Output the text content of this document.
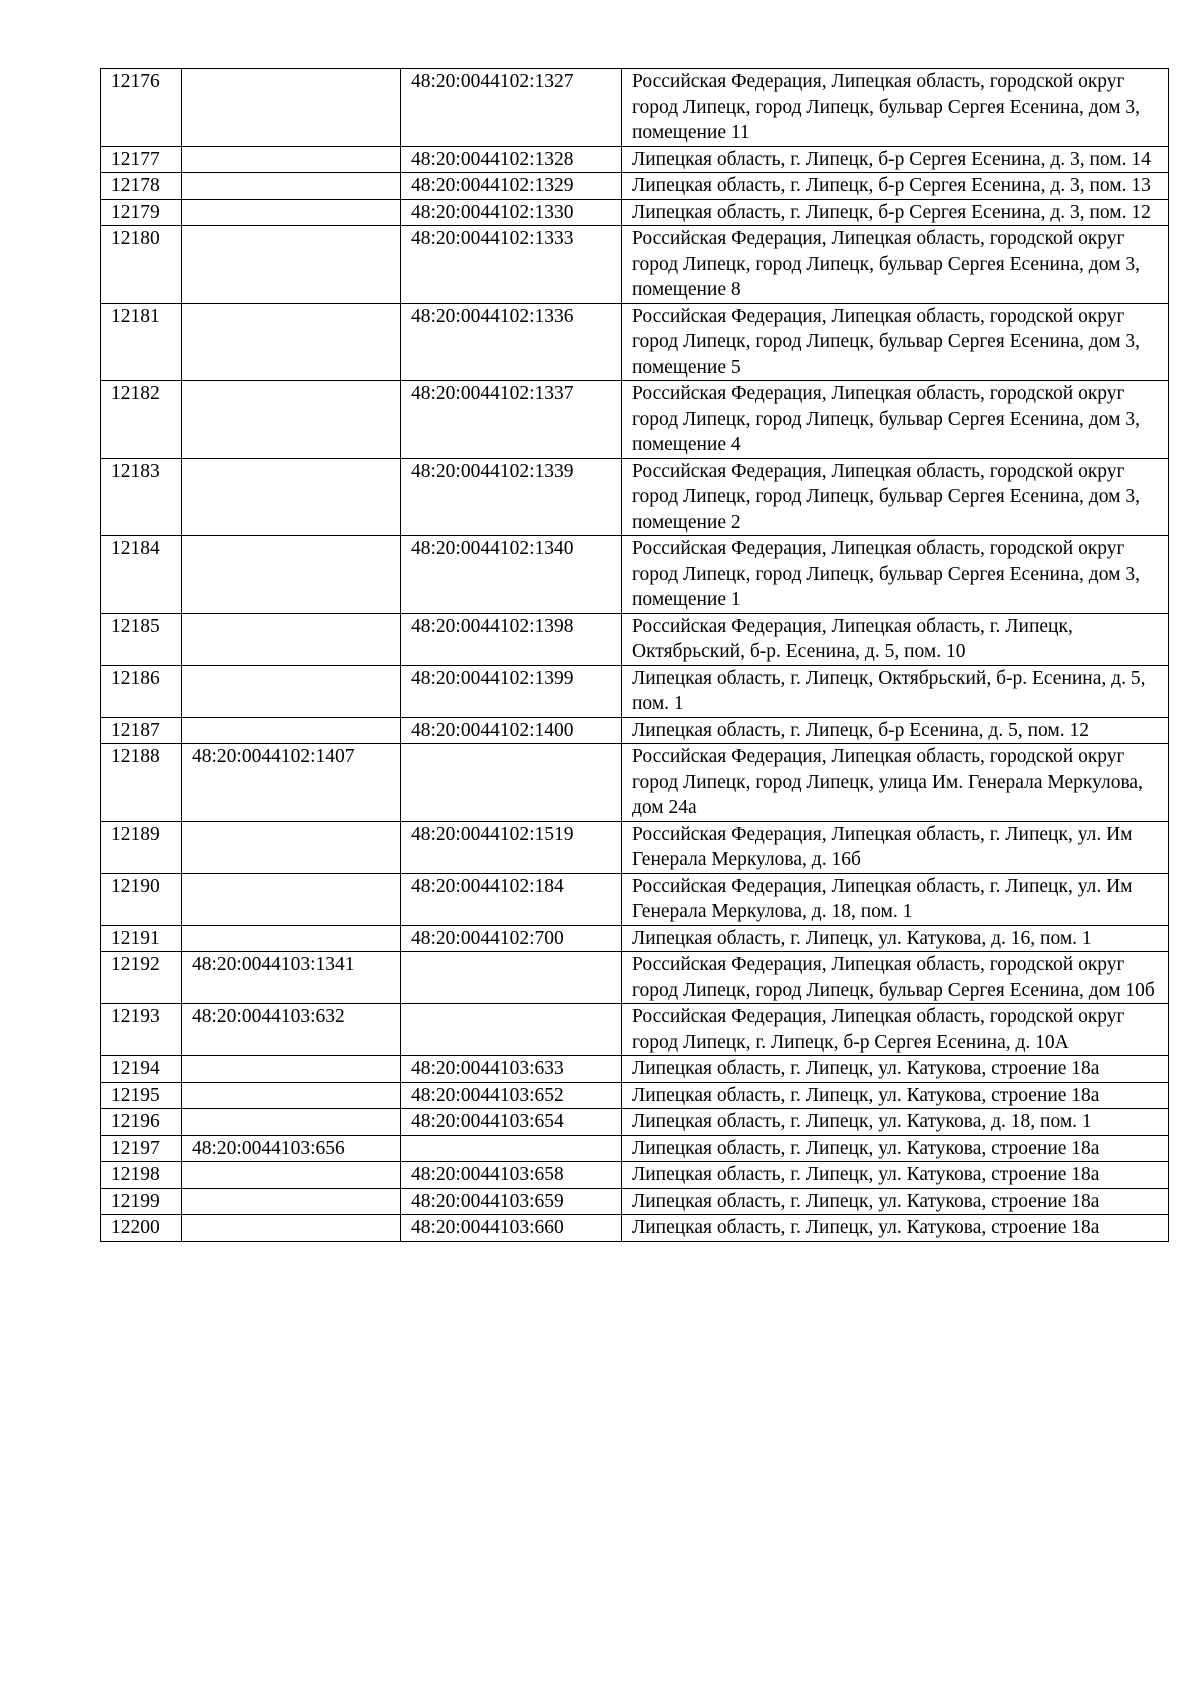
12176		48:20:0044102:1327	Российская Федерация, Липецкая область, городской округ город Липецк, город Липецк, бульвар Сергея Есенина, дом 3, помещение 11
12177		48:20:0044102:1328	Липецкая область, г. Липецк, б-р Сергея Есенина, д. 3, пом. 14
12178		48:20:0044102:1329	Липецкая область, г. Липецк, б-р Сергея Есенина, д. 3, пом. 13
12179		48:20:0044102:1330	Липецкая область, г. Липецк, б-р Сергея Есенина, д. 3, пом. 12
12180		48:20:0044102:1333	Российская Федерация, Липецкая область, городской округ город Липецк, город Липецк, бульвар Сергея Есенина, дом 3, помещение 8
12181		48:20:0044102:1336	Российская Федерация, Липецкая область, городской округ город Липецк, город Липецк, бульвар Сергея Есенина, дом 3, помещение 5
12182		48:20:0044102:1337	Российская Федерация, Липецкая область, городской округ город Липецк, город Липецк, бульвар Сергея Есенина, дом 3, помещение 4
12183		48:20:0044102:1339	Российская Федерация, Липецкая область, городской округ город Липецк, город Липецк, бульвар Сергея Есенина, дом 3, помещение 2
12184		48:20:0044102:1340	Российская Федерация, Липецкая область, городской округ город Липецк, город Липецк, бульвар Сергея Есенина, дом 3, помещение 1
12185		48:20:0044102:1398	Российская Федерация, Липецкая область, г. Липецк, Октябрьский, б-р. Есенина, д. 5, пом. 10
12186		48:20:0044102:1399	Липецкая область, г. Липецк, Октябрьский, б-р. Есенина, д. 5, пом. 1
12187		48:20:0044102:1400	Липецкая область, г. Липецк, б-р Есенина, д. 5, пом. 12
12188	48:20:0044102:1407		Российская Федерация, Липецкая область, городской округ город Липецк, город Липецк, улица Им. Генерала Меркулова, дом 24а
12189		48:20:0044102:1519	Российская Федерация, Липецкая область, г. Липецк, ул. Им Генерала Меркулова, д. 16б
12190		48:20:0044102:184	Российская Федерация, Липецкая область, г. Липецк, ул. Им Генерала Меркулова, д. 18, пом. 1
12191		48:20:0044102:700	Липецкая область, г. Липецк, ул. Катукова, д. 16, пом. 1
12192	48:20:0044103:1341		Российская Федерация, Липецкая область, городской округ город Липецк, город Липецк, бульвар Сергея Есенина, дом 10б
12193	48:20:0044103:632		Российская Федерация, Липецкая область, городской округ город Липецк, г. Липецк, б-р Сергея Есенина, д. 10А
12194		48:20:0044103:633	Липецкая область, г. Липецк, ул. Катукова, строение 18а
12195		48:20:0044103:652	Липецкая область, г. Липецк, ул. Катукова, строение 18а
12196		48:20:0044103:654	Липецкая область, г. Липецк, ул. Катукова, д. 18, пом. 1
12197	48:20:0044103:656		Липецкая область, г. Липецк, ул. Катукова, строение 18а
12198		48:20:0044103:658	Липецкая область, г. Липецк, ул. Катукова, строение 18а
12199		48:20:0044103:659	Липецкая область, г. Липецк, ул. Катукова, строение 18а
12200		48:20:0044103:660	Липецкая область, г. Липецк, ул. Катукова, строение 18а
